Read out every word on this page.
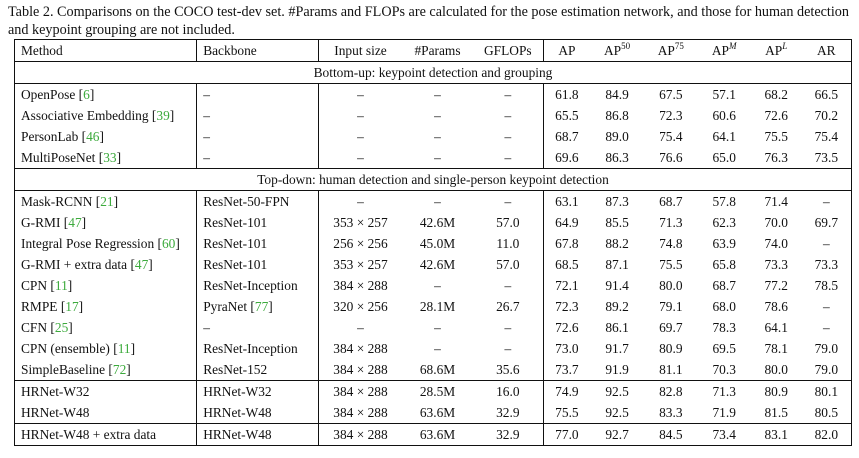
Table 2. Comparisons on the COCO test-dev set. #Params and FLOPs are calculated for the pose estimation network, and those for human detection and keypoint grouping are not included.
Method	Backbone	Input size	#Params	GFLOPs	AP	AP$^{50}$	AP$^{75}$	$AP^M$	$AP^L$	AR
Bottom-up: keypoint detection and grouping										
OpenPose [6]	–	–	–	–	61.8	84.9	67.5	57.1	68.2	66.5
Associative Embedding [39]	–	–	–	–	65.5	86.8	72.3	60.6	72.6	70.2
PersonLab [46]	–	–	–	–	68.7	89.0	75.4	64.1	75.5	75.4
MultiPoseNet [33]	–	–	–	–	69.6	86.3	76.6	65.0	76.3	73.5
Top-down: human detection and single-person keypoint detection										
Mask-RCNN [21]	ResNet-50-FPN	–	–	–	63.1	87.3	68.7	57.8	71.4	–
G-RMI [47]	ResNet-101	353 × 257	42.6M	57.0	64.9	85.5	71.3	62.3	70.0	69.7
Integral Pose Regression [60]	ResNet-101	256 × 256	45.0M	11.0	67.8	88.2	74.8	63.9	74.0	–
G-RMI + extra data [47]	ResNet-101	353 × 257	42.6M	57.0	68.5	87.1	75.5	65.8	73.3	73.3
CPN [11]	ResNet-Inception	384 × 288	–	–	72.1	91.4	80.0	68.7	77.2	78.5
RMPE [17]	PyraNet [77]	320 × 256	28.1M	26.7	72.3	89.2	79.1	68.0	78.6	–
CFN [25]	–	–	–	–	72.6	86.1	69.7	78.3	64.1	–
CPN (ensemble) [11]	ResNet-Inception	384 × 288	–	–	73.0	91.7	80.9	69.5	78.1	79.0
SimpleBaseline [72]	ResNet-152	384 × 288	68.6M	35.6	73.7	91.9	81.1	70.3	80.0	79.0
HRNet-W32	HRNet-W32	384 × 288	28.5M	16.0	74.9	92.5	82.8	71.3	80.9	80.1
HRNet-W48	HRNet-W48	384 × 288	63.6M	32.9	75.5	92.5	83.3	71.9	81.5	80.5
HRNet-W48 + extra data	HRNet-W48	384 × 288	63.6M	32.9	77.0	92.7	84.5	73.4	83.1	82.0
